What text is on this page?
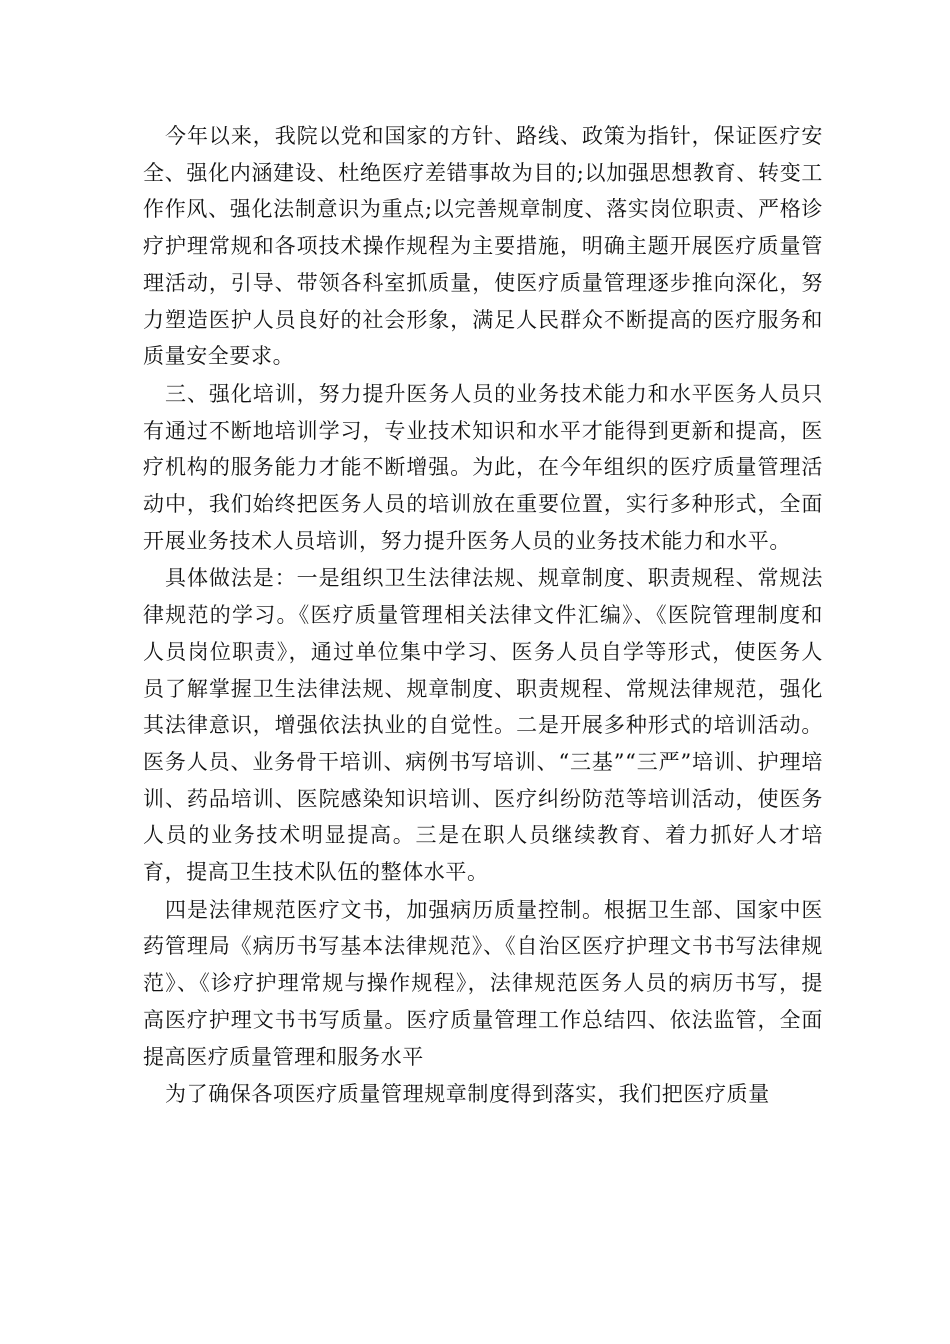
今年以来，我院以党和国家的方针、路线、政策为指针，保证医疗安全、强化内涵建设、杜绝医疗差错事故为目的;以加强思想教育、转变工作作风、强化法制意识为重点;以完善规章制度、落实岗位职责、严格诊疗护理常规和各项技术操作规程为主要措施，明确主题开展医疗质量管理活动，引导、带领各科室抓质量，使医疗质量管理逐步推向深化，努力塑造医护人员良好的社会形象，满足人民群众不断提高的医疗服务和质量安全要求。

三、强化培训，努力提升医务人员的业务技术能力和水平医务人员只有通过不断地培训学习，专业技术知识和水平才能得到更新和提高，医疗机构的服务能力才能不断增强。为此，在今年组织的医疗质量管理活动中，我们始终把医务人员的培训放在重要位置，实行多种形式，全面开展业务技术人员培训，努力提升医务人员的业务技术能力和水平。

具体做法是：一是组织卫生法律法规、规章制度、职责规程、常规法律规范的学习。《医疗质量管理相关法律文件汇编》、《医院管理制度和人员岗位职责》，通过单位集中学习、医务人员自学等形式，使医务人员了解掌握卫生法律法规、规章制度、职责规程、常规法律规范，强化其法律意识，增强依法执业的自觉性。二是开展多种形式的培训活动。医务人员、业务骨干培训、病例书写培训、“三基”“三严”培训、护理培训、药品培训、医院感染知识培训、医疗纠纷防范等培训活动，使医务人员的业务技术明显提高。三是在职人员继续教育、着力抓好人才培育，提高卫生技术队伍的整体水平。

四是法律规范医疗文书，加强病历质量控制。根据卫生部、国家中医药管理局《病历书写基本法律规范》、《自治区医疗护理文书书写法律规范》、《诊疗护理常规与操作规程》，法律规范医务人员的病历书写，提高医疗护理文书书写质量。医疗质量管理工作总结四、依法监管，全面提高医疗质量管理和服务水平

为了确保各项医疗质量管理规章制度得到落实，我们把医疗质量
